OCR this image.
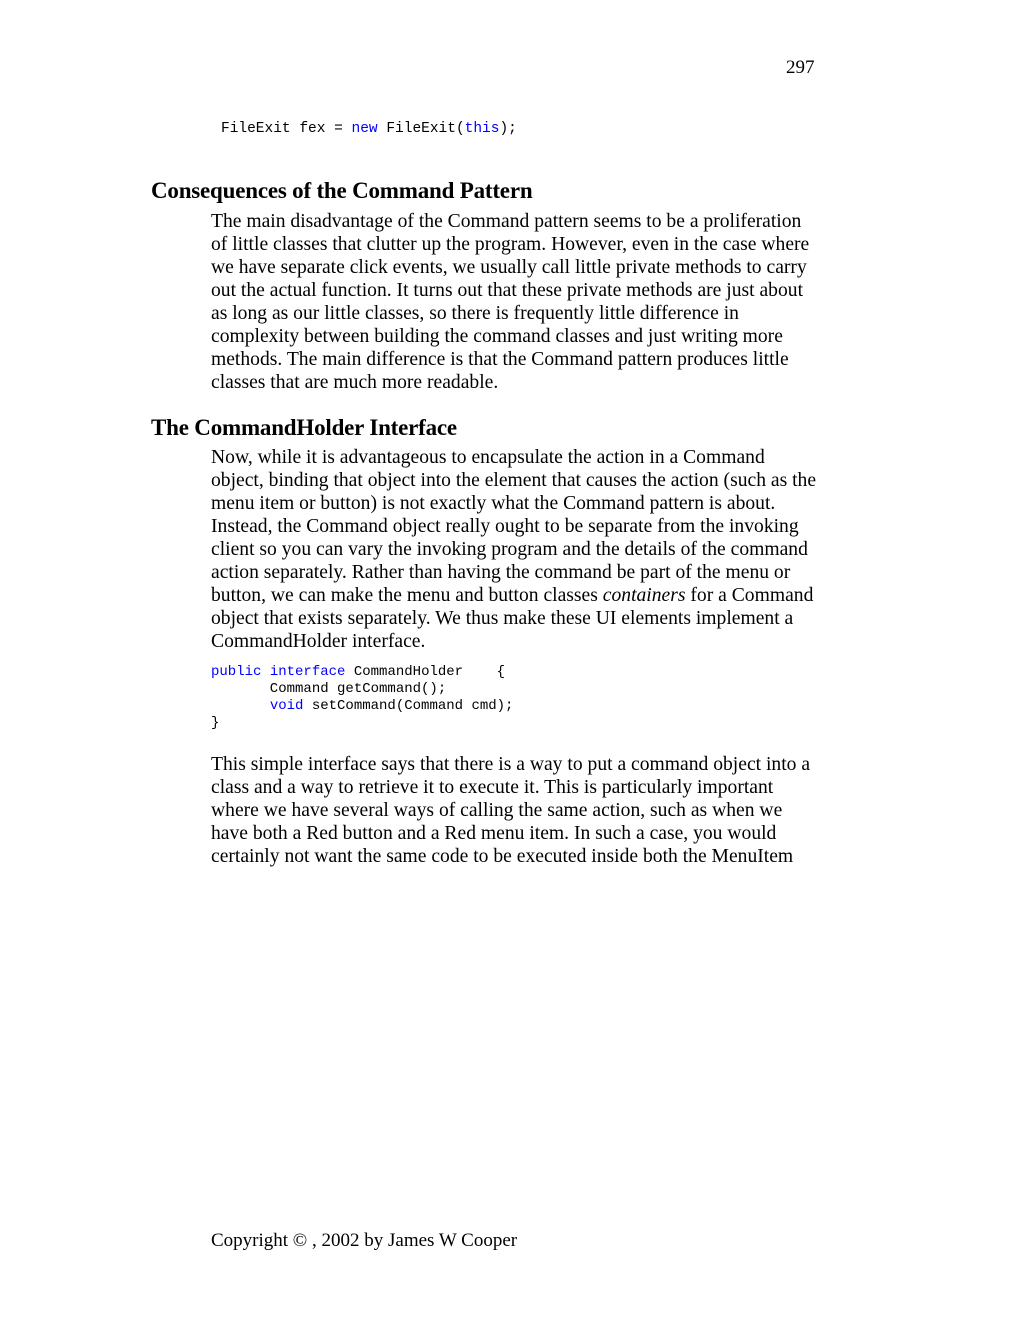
297
FileExit fex = new FileExit(this);
Consequences of the Command Pattern

The main disadvantage of the Command pattern seems to be a proliferation of little classes that clutter up the program. However, even in the case where we have separate click events, we usually call little private methods to carry out the actual function. It turns out that these private methods are just about as long as our little classes, so there is frequently little difference in complexity between building the command classes and just writing more methods. The main difference is that the Command pattern produces little classes that are much more readable.

The CommandHolder Interface

Now, while it is advantageous to encapsulate the action in a Command object, binding that object into the element that causes the action (such as the menu item or button) is not exactly what the Command pattern is about. Instead, the Command object really ought to be separate from the invoking client so you can vary the invoking program and the details of the command action separately. Rather than having the command be part of the menu or button, we can make the menu and button classes containers for a Command object that exists separately. We thus make these UI elements implement a CommandHolder interface.

public interface CommandHolder    {
Command getCommand();
void setCommand(Command cmd);
}

This simple interface says that there is a way to put a command object into a class and a way to retrieve it to execute it. This is particularly important where we have several ways of calling the same action, such as when we have both a Red button and a Red menu item. In such a case, you would certainly not want the same code to be executed inside both the MenuItem

Copyright © , 2002 by James W Cooper
